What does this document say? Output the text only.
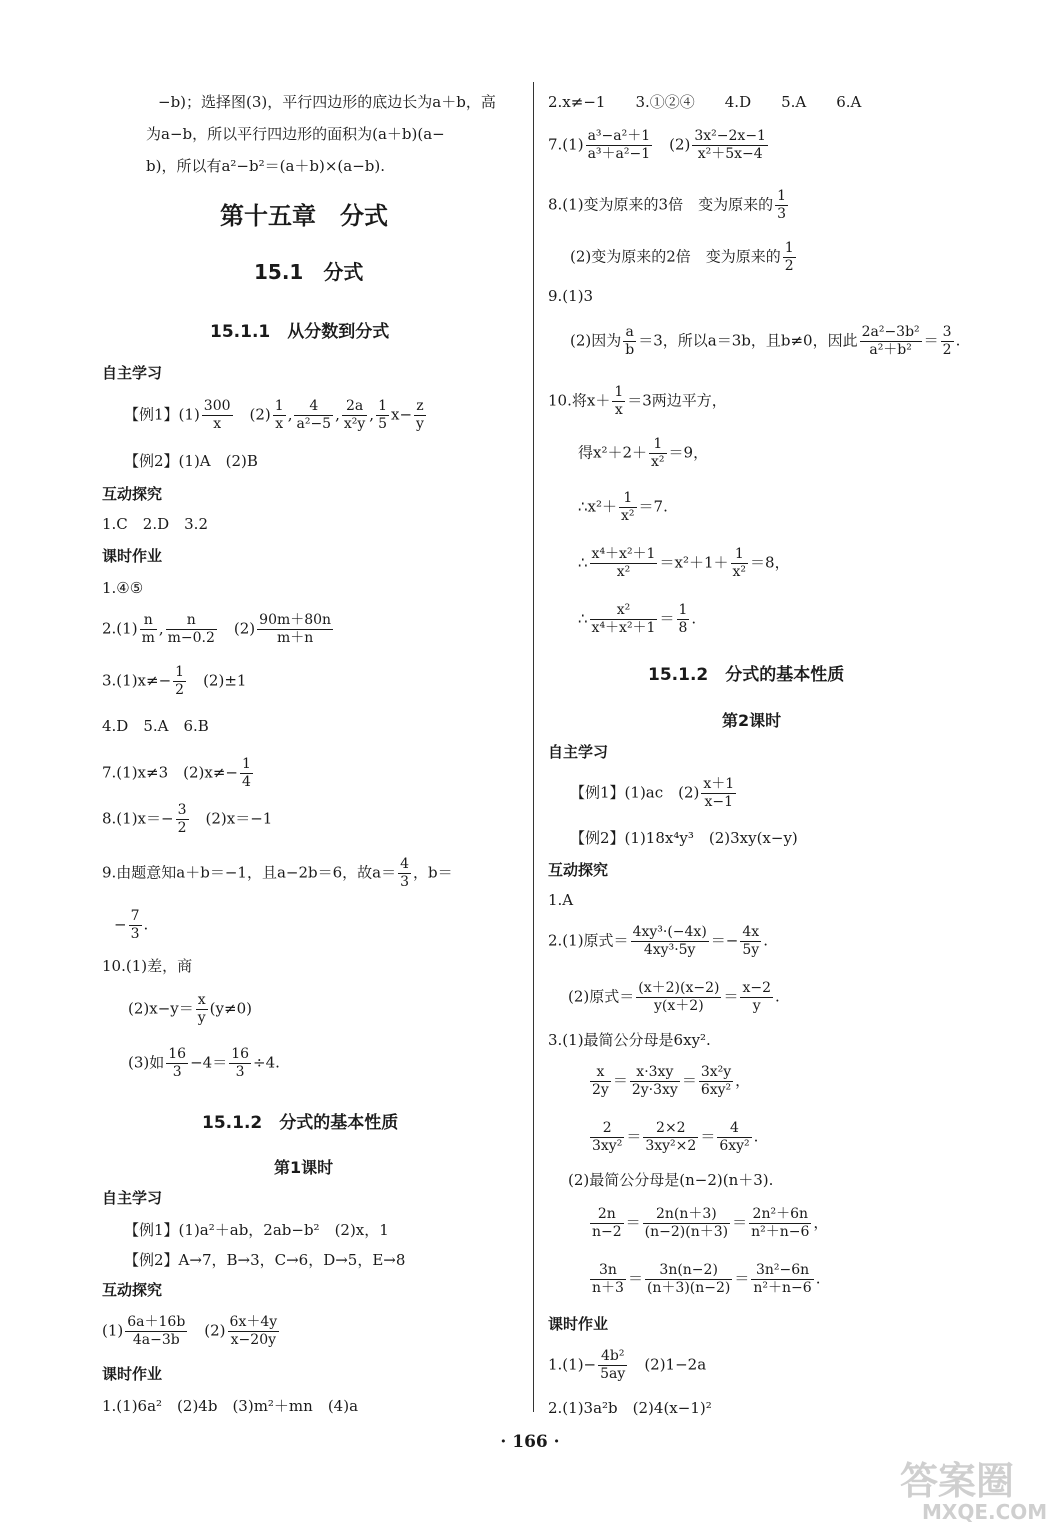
−b)；选择图(3)，平行四边形的底边长为a＋b，高
为a−b，所以平行四边形的面积为(a＋b)(a−
b)，所以有a²−b²＝(a＋b)×(a−b).
第十五章　分式
15.1　分式
15.1.1　从分数到分式
自主学习
【例1】$(1) \frac{300}{x}$ 　$(2) \frac{1}{x}$ , $\frac{4}{\text{a²−5}}$ , $\frac{2a}{\text{x²y}}$ , $\frac{1}{5} x- \frac{z}{y}$
【例2】(1)A　(2)B
互动探究
1.C　2.D　3.2
课时作业
1.④⑤
$2.(1) \frac{n}{m}$ , $\frac{n}{m-0.2}$ 　$(2) \frac{90m+80n}{m+n}$
$3.(1)x\ne- \frac{1}{2}$ 　(2)±1
4.D　5.A　6.B
7.(1)x≠3　$(2)x\ne- \frac{1}{4}$
$8.(1)x=- \frac{3}{2}$ 　(2)x＝−1
9.由题意知a＋b＝−1，且a−2b＝6，故$a= \frac{4}{3}$ ，b＝
− $\frac{7}{3}$ .
10.(1)差，商
$(2)x-y= \frac{x}{y} (y\ne 0)$
(3)如 $\frac{16}{3} -4= \frac{16}{3} \div 4$.
15.1.2　分式的基本性质
第1课时
自主学习
【例1】(1)a²＋ab，2ab−b²　(2)x，1
【例2】A→7，B→3，C→6，D→5，E→8
互动探究
$(1) \frac{6a+16b}{4a-3b}$ 　$(2) \frac{6x+4y}{x-20y}$
课时作业
1.(1)6a²　(2)4b　(3)m²＋mn　(4)a
2.x≠−1　　3.①②④　　4.D　　5.A　　6.A
$7.(1) \frac{\text{a³−a²＋1}}{\text{a³＋a²−1}}$ 　$(2) \frac{\text{3x²−2x−1}}{\text{x²＋5x−4}}$
8.(1)变为原来的3倍　变为原来的 $\frac{1}{3}$
(2)变为原来的2倍　变为原来的 $\frac{1}{2}$
9.(1)3
(2)因为 $\frac{a}{b} =3$，所以a＝3b，且b≠0，因此 $\frac{\text{2a²−3b²}}{\text{a²＋b²}} = \frac{3}{2}$ .
10.将$x+ \frac{1}{x} =3$两边平方，
得$x^2+2+ \frac{1}{\text{x²}} =9$，
∴x²＋ $\frac{1}{\text{x²}} =7$.
∴ $\frac{\text{x⁴＋x²＋1}}{\text{x²}} =x^2+1+ \frac{1}{\text{x²}} =8$，
∴ $\frac{\text{x²}}{\text{x⁴＋x²＋1}} = \frac{1}{8}$ .
15.1.2　分式的基本性质
第2课时
自主学习
【例1】(1)ac　$(2) \frac{x+1}{x-1}$
【例2】(1)18x⁴y³　(2)3xy(x−y)
互动探究
1.A
2.(1)原式＝ $\frac{\text{4xy³·(−4x)}}{\text{4xy³·5y}} =- \frac{4x}{5y}$ .
(2)原式＝ $\frac{(x+2)(x-2)}{y(x+2)} = \frac{x-2}{y}$ .
3.(1)最简公分母是6xy².
$\frac{x}{2y} = \frac{x\cdot 3xy}{2y\cdot 3xy} = \frac{\text{3x²y}}{\text{6xy²}}$ ，
$\frac{2}{\text{3xy²}} = \frac{2\times 2}{\text{3xy²×2}} = \frac{4}{\text{6xy²}}$ .
(2)最简公分母是(n−2)(n＋3).
$\frac{2n}{n-2} = \frac{2n(n+3)}{(n-2)(n+3)} = \frac{\text{2n²＋6n}}{\text{n²＋n−6}}$ ，
$\frac{3n}{n+3} = \frac{3n(n-2)}{(n+3)(n-2)} = \frac{\text{3n²−6n}}{\text{n²＋n−6}}$ .
课时作业
$1.(1)- \frac{\text{4b²}}{5ay}$ 　(2)1−2a
2.(1)3a²b　(2)4(x−1)²
· 166 ·
答案圈
MXQE.COM
